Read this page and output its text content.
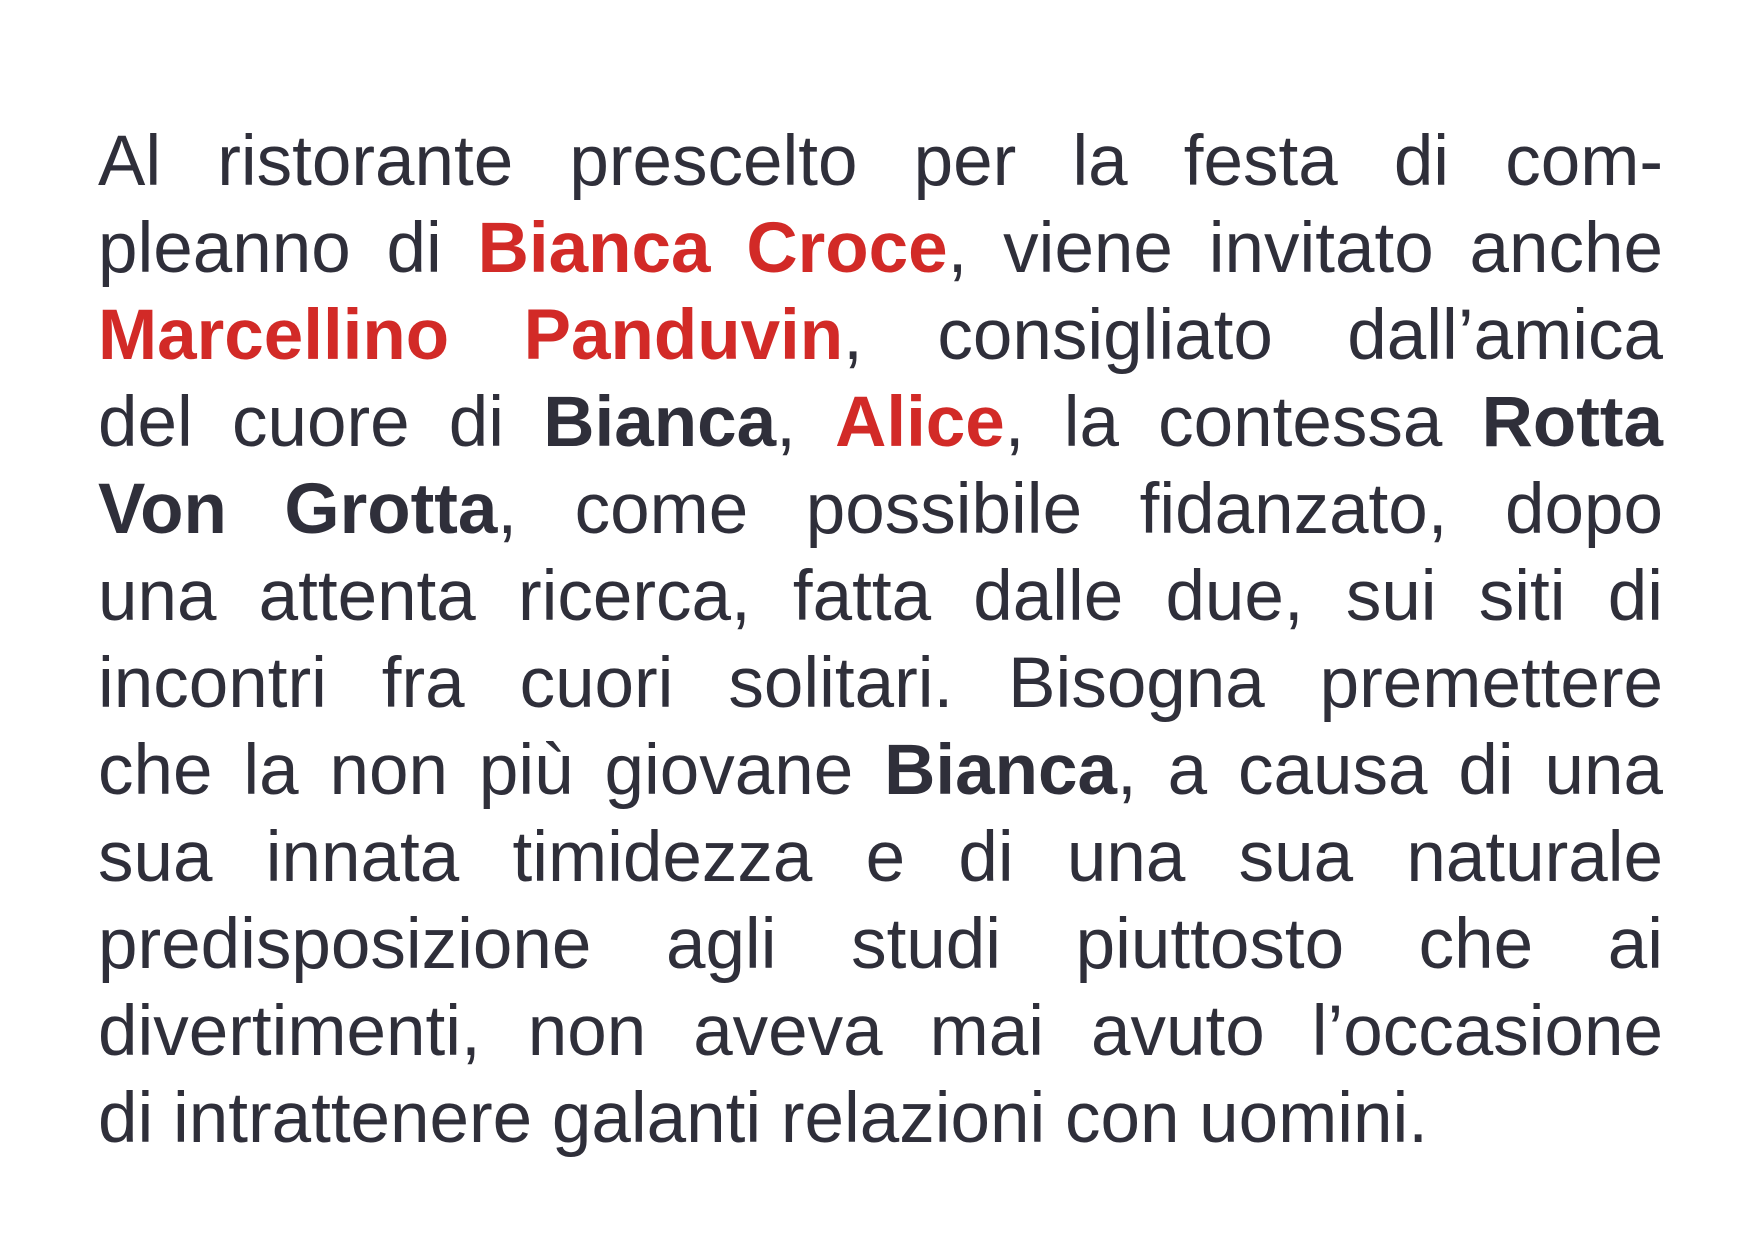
Al ristorante prescelto per la festa di com-
pleanno di Bianca Croce, viene invitato anche
Marcellino Panduvin, consigliato dall’amica
del cuore di Bianca, Alice, la contessa Rotta
Von Grotta, come possibile fidanzato, dopo
una attenta ricerca, fatta dalle due, sui siti di
incontri fra cuori solitari. Bisogna premettere
che la non più giovane Bianca, a causa di una
sua innata timidezza e di una sua naturale
predisposizione agli studi piuttosto che ai
divertimenti, non aveva mai avuto l’occasione
di intrattenere galanti relazioni con uomini.
